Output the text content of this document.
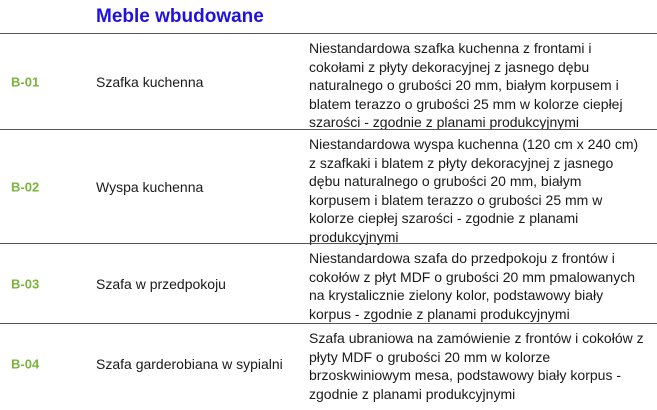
Meble wbudowane
B-01	Szafka kuchenna
Niestandardowa szafka kuchenna z frontami i cokołami z płyty dekoracyjnej z jasnego dębu naturalnego o grubości 20 mm, białym korpusem i blatem terazzo o grubości 25 mm w kolorze ciepłej szarości - zgodnie z planami produkcyjnymi
B-02	Wyspa kuchenna
Niestandardowa wyspa kuchenna (120 cm x 240 cm) z szafkaki i blatem z płyty dekoracyjnej z jasnego dębu naturalnego o grubości 20 mm, białym korpusem i blatem terazzo o grubości 25 mm w kolorze ciepłej szarości - zgodnie z planami produkcyjnymi
B-03	Szafa w przedpokoju
Niestandardowa szafa do przedpokoju z frontów i cokołów z płyt MDF o grubości 20 mm pmalowanych na krystalicznie zielony kolor, podstawowy biały korpus - zgodnie z planami produkcyjnymi
B-04	Szafa garderobiana w sypialni
Szafa ubraniowa na zamówienie z frontów i cokołów z płyty MDF o grubości 20 mm w kolorze brzoskwiniowym mesa, podstawowy biały korpus - zgodnie z planami produkcyjnymi
